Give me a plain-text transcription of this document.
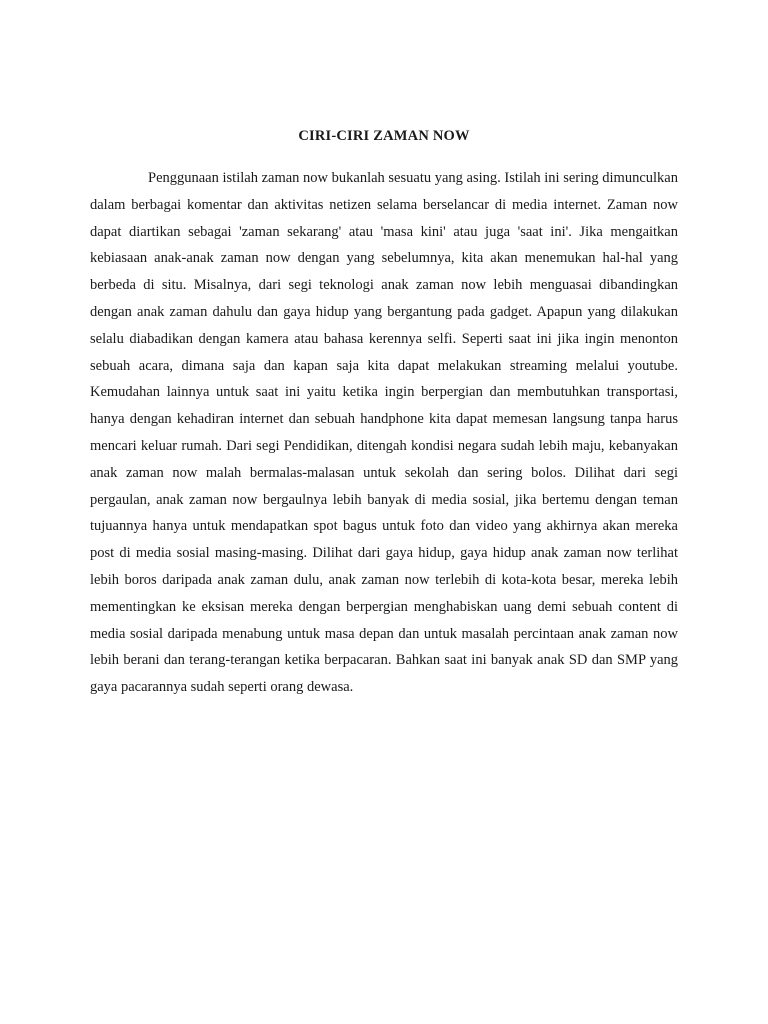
CIRI-CIRI ZAMAN NOW

Penggunaan istilah zaman now bukanlah sesuatu yang asing. Istilah ini sering dimunculkan dalam berbagai komentar dan aktivitas netizen selama berselancar di media internet. Zaman now dapat diartikan sebagai 'zaman sekarang' atau 'masa kini' atau juga 'saat ini'. Jika mengaitkan kebiasaan anak-anak zaman now dengan yang sebelumnya, kita akan menemukan hal-hal yang berbeda di situ. Misalnya, dari segi teknologi anak zaman now lebih menguasai dibandingkan dengan anak zaman dahulu dan gaya hidup yang bergantung pada gadget. Apapun yang dilakukan selalu diabadikan dengan kamera atau bahasa kerennya selfi. Seperti saat ini jika ingin menonton sebuah acara, dimana saja dan kapan saja kita dapat melakukan streaming melalui youtube. Kemudahan lainnya untuk saat ini yaitu ketika ingin berpergian dan membutuhkan transportasi, hanya dengan kehadiran internet dan sebuah handphone kita dapat memesan langsung tanpa harus mencari keluar rumah. Dari segi Pendidikan, ditengah kondisi negara sudah lebih maju, kebanyakan anak zaman now malah bermalas-malasan untuk sekolah dan sering bolos. Dilihat dari segi pergaulan, anak zaman now bergaulnya lebih banyak di media sosial, jika bertemu dengan teman tujuannya hanya untuk mendapatkan spot bagus untuk foto dan video yang akhirnya akan mereka post di media sosial masing-masing. Dilihat dari gaya hidup, gaya hidup anak zaman now terlihat lebih boros daripada anak zaman dulu, anak zaman now terlebih di kota-kota besar, mereka lebih mementingkan ke eksisan mereka dengan berpergian menghabiskan uang demi sebuah content di media sosial daripada menabung untuk masa depan dan untuk masalah percintaan anak zaman now lebih berani dan terang-terangan ketika berpacaran. Bahkan saat ini banyak anak SD dan SMP yang gaya pacarannya sudah seperti orang dewasa.
